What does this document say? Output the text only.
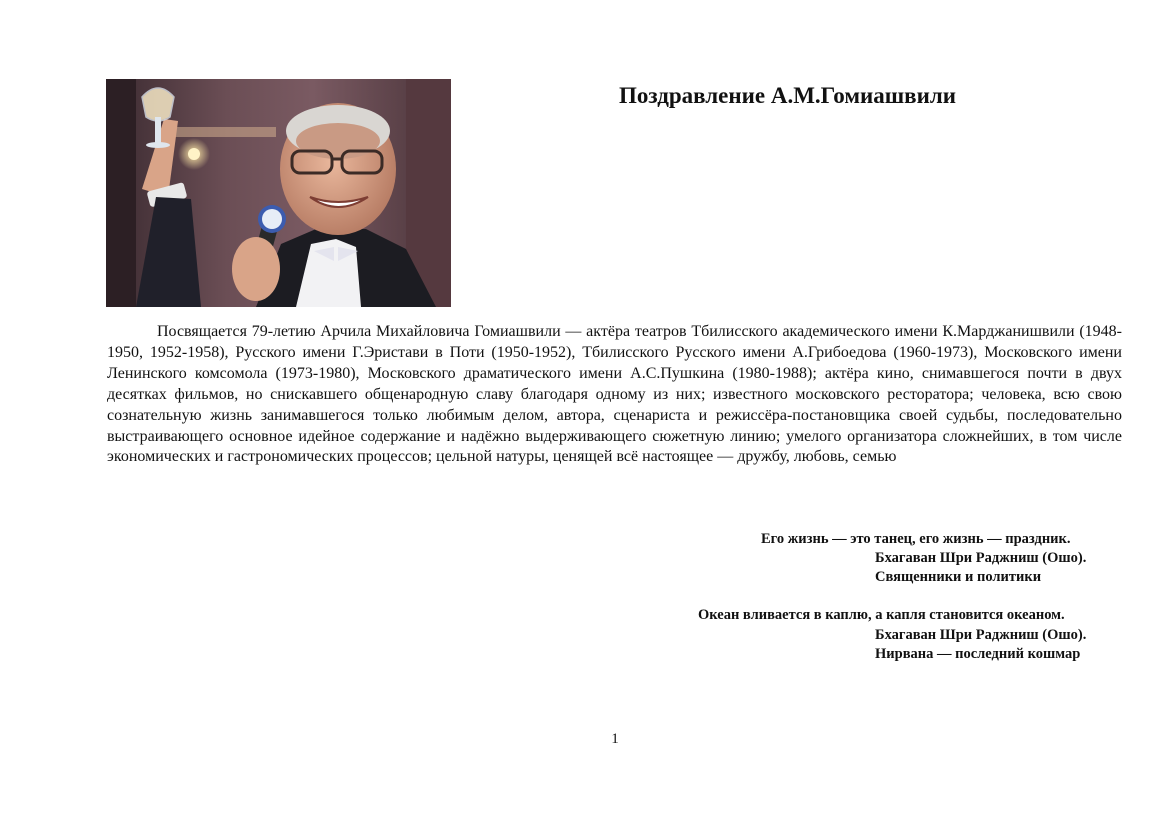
Поздравление А.М.Гомиашвили

Посвящается 79-летию Арчила Михайловича Гомиашвили — актёра театров Тбилисского академического имени К.Марджанишвили (1948-1950, 1952-1958), Русского имени Г.Эристави в Поти (1950-1952), Тбилисского Русского имени А.Грибоедова (1960-1973), Московского имени Ленинского комсомола (1973-1980), Московского драматического имени А.С.Пушкина (1980-1988); актёра кино, снимавшегося почти в двух десятках фильмов, но снискавшего общенародную славу благодаря одному из них; известного московского ресторатора; человека, всю свою сознательную жизнь занимавшегося только любимым делом, автора, сценариста и режиссёра-постановщика своей судьбы, последовательно выстраивающего основное идейное содержание и надёжно выдерживающего сюжетную линию; умелого организатора сложнейших, в том числе экономических и гастрономических процессов; цельной натуры, ценящей всё настоящее — дружбу, любовь, семью

Его жизнь — это танец, его жизнь — праздник.
Бхагаван Шри Раджниш (Ошо).
Священники и политики
Океан вливается в каплю, а капля становится океаном.
Бхагаван Шри Раджниш (Ошо).
Нирвана — последний кошмар
1
